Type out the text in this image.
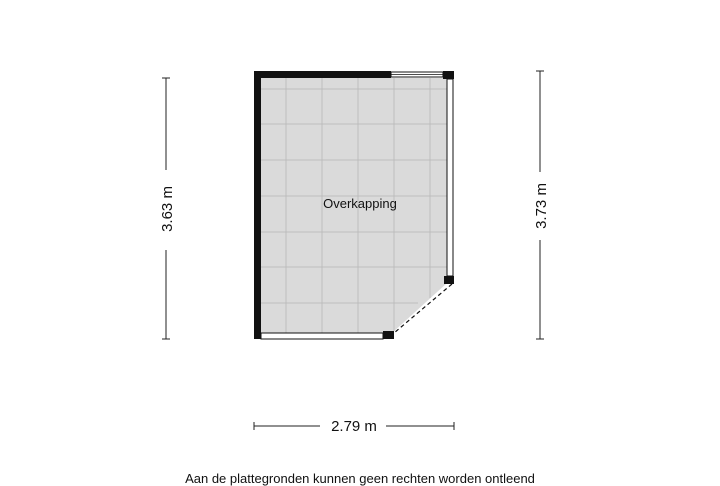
Overkapping
3.63 m	3.73 m
2.79 m
Aan de plattegronden kunnen geen rechten worden ontleend
